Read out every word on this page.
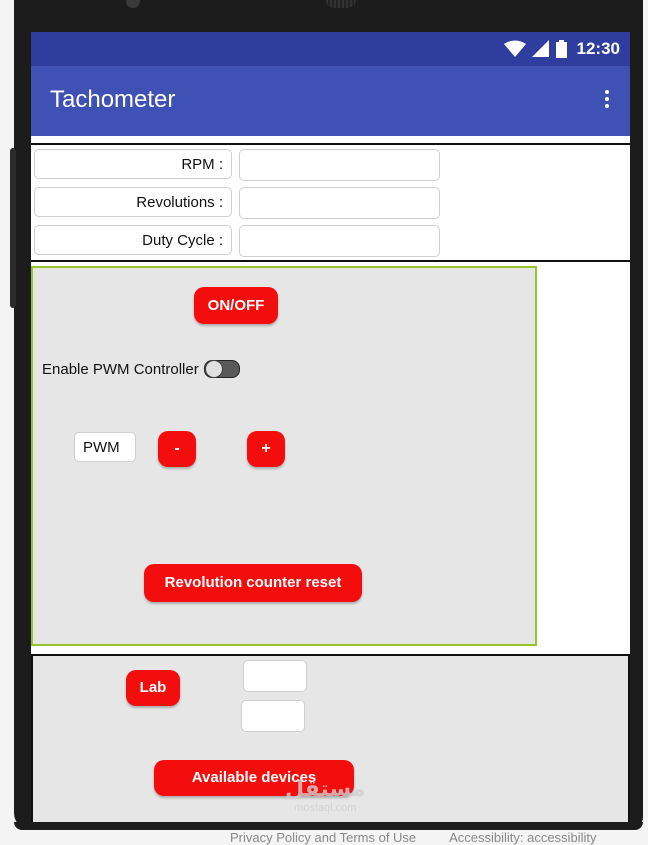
12:30
Tachometer
RPM :
Revolutions :
Duty Cycle :
ON/OFF
Enable PWM Controller
PWM	-	+
Revolution counter reset
Lab
Available devices
مستقل
mostaql.com
Privacy Policy and Terms of Use	Accessibility: accessibility
